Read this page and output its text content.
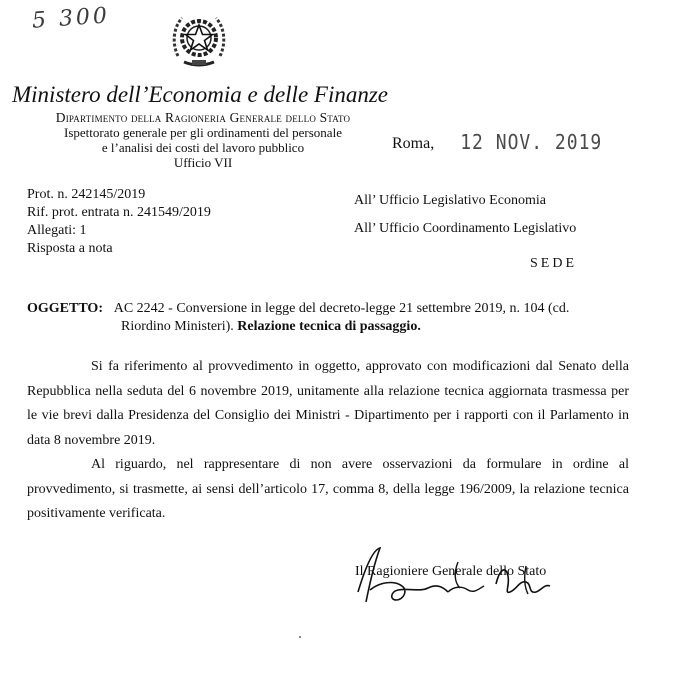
5 300
Ministero dell’Economia e delle Finanze
Dipartimento della Ragioneria Generale dello Stato
Ispettorato generale per gli ordinamenti del personale
e l’analisi dei costi del lavoro pubblico
Ufficio VII
Roma, 12 NOV. 2019
Prot. n. 242145/2019
Rif. prot. entrata n. 241549/2019
Allegati: 1
Risposta a nota
All’ Ufficio Legislativo Economia
All’ Ufficio Coordinamento Legislativo
SEDE
OGGETTO: AC 2242 - Conversione in legge del decreto-legge 21 settembre 2019, n. 104 (cd.
Riordino Ministeri). Relazione tecnica di passaggio.

Si fa riferimento al provvedimento in oggetto, approvato con modificazioni dal Senato della Repubblica nella seduta del 6 novembre 2019, unitamente alla relazione tecnica aggiornata trasmessa per le vie brevi dalla Presidenza del Consiglio dei Ministri - Dipartimento per i rapporti con il Parlamento in data 8 novembre 2019.

Al riguardo, nel rappresentare di non avere osservazioni da formulare in ordine al provvedimento, si trasmette, ai sensi dell’articolo 17, comma 8, della legge 196/2009, la relazione tecnica positivamente verificata.

Il Ragioniere Generale dello Stato
